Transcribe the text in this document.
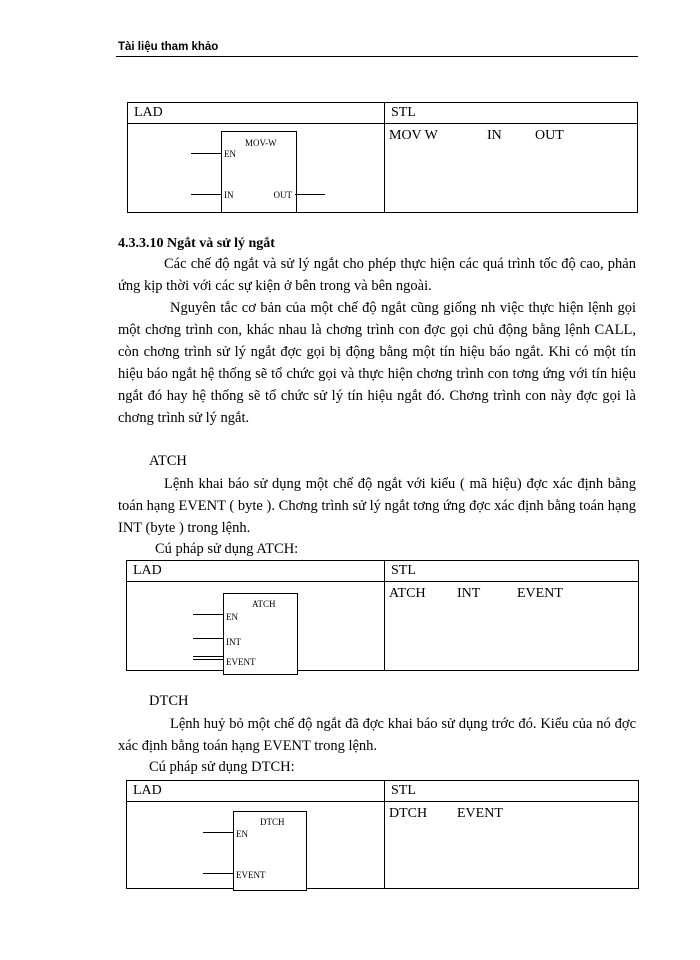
Tài liệu tham khảo
LAD	STL

MOV-W
EN
IN OUT	MOV W IN OUT
4.3.3.10 Ngắt và sử lý ngắt

Các chế độ ngắt và sử lý ngắt cho phép thực hiện các quá trình tốc độ cao, phản ứng kịp thời với các sự kiện ở bên trong và bên ngoài.

Nguyên tắc cơ bản của một chế độ ngắt cũng giống nh việc thực hiện lệnh gọi một chơng trình con, khác nhau là chơng trình con đợc gọi chủ động bằng lệnh CALL, còn chơng trình sử lý ngắt đợc gọi bị động bằng một tín hiệu báo ngắt. Khi có một tín hiệu báo ngắt hệ thống sẽ tổ chức gọi và thực hiện chơng trình con tơng ứng với tín hiệu ngắt đó hay hệ thống sẽ tổ chức sử lý tín hiệu ngắt đó. Chơng trình con này đợc gọi là chơng trình sử lý ngắt.

ATCH

Lệnh khai báo sử dụng một chế độ ngắt với kiểu ( mã hiệu) đợc xác định bằng toán hạng EVENT ( byte ). Chơng trình sử lý ngắt tơng ứng đợc xác định bằng toán hạng INT (byte ) trong lệnh.

Cú pháp sử dụng ATCH:
LAD	STL

ATCH
EN
INT
EVENT	ATCH INT EVENT
DTCH

Lệnh huỷ bỏ một chế độ ngắt đã đợc khai báo sử dụng trớc đó. Kiểu của nó đợc xác định bằng toán hạng EVENT trong lệnh.

Cú pháp sử dụng DTCH:
LAD	STL

DTCH
EN
EVENT	DTCH EVENT
